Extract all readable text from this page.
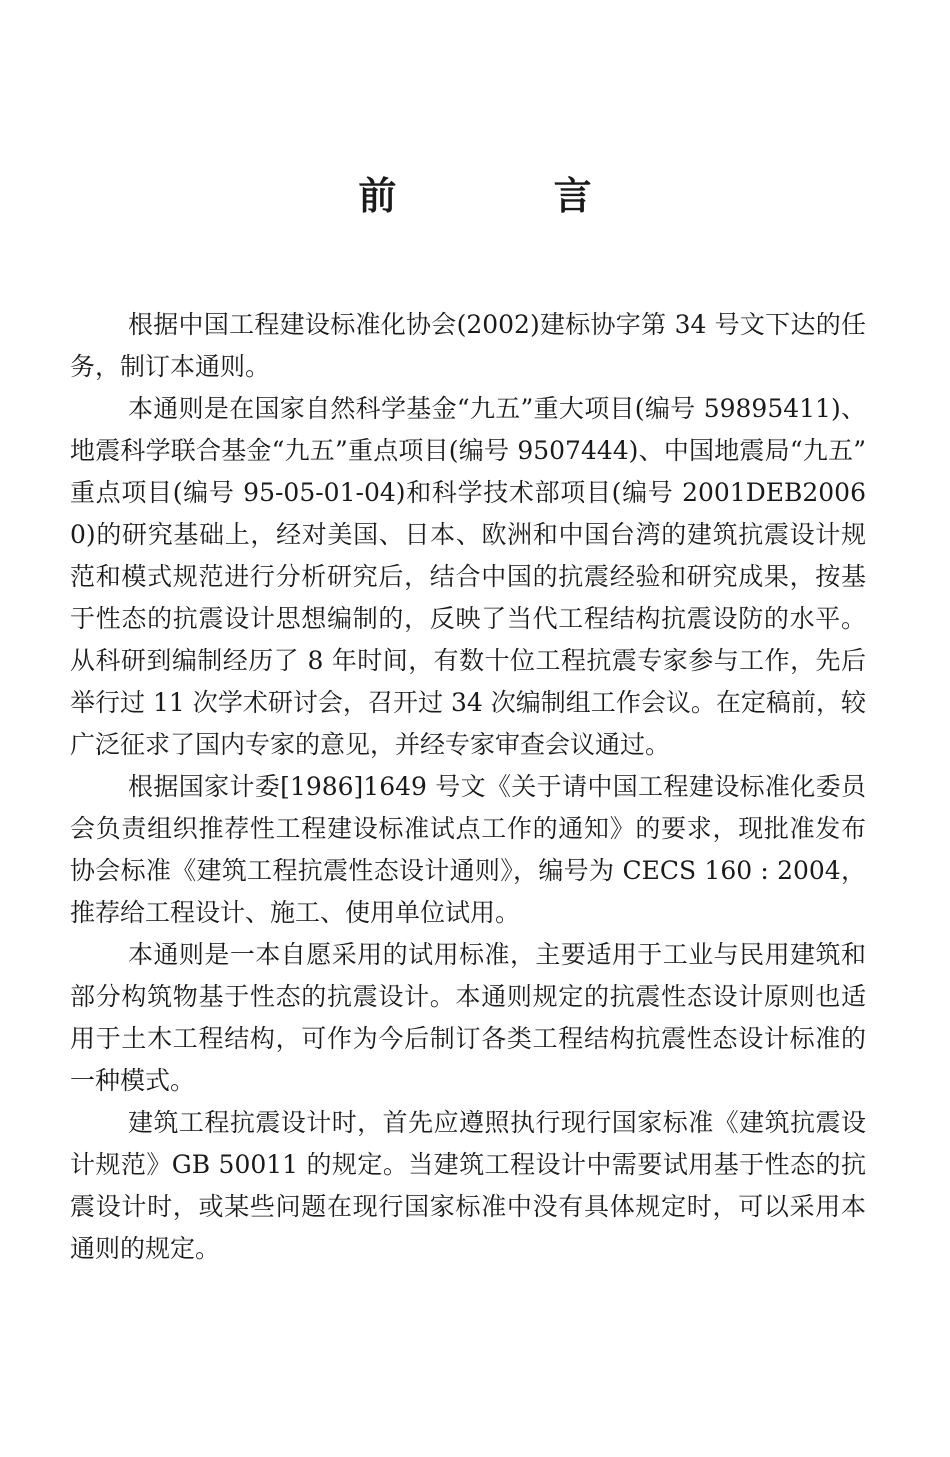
前 言

根据中国工程建设标准化协会(2002)建标协字第 34 号文下达的任务，制订本通则。

本通则是在国家自然科学基金“九五”重大项目(编号 59895411)、地震科学联合基金“九五”重点项目(编号 9507444)、中国地震局“九五”重点项目(编号 95-05-01-04)和科学技术部项目(编号 2001DEB20060)的研究基础上，经对美国、日本、欧洲和中国台湾的建筑抗震设计规范和模式规范进行分析研究后，结合中国的抗震经验和研究成果，按基于性态的抗震设计思想编制的，反映了当代工程结构抗震设防的水平。从科研到编制经历了 8 年时间，有数十位工程抗震专家参与工作，先后举行过 11 次学术研讨会，召开过 34 次编制组工作会议。在定稿前，较广泛征求了国内专家的意见，并经专家审查会议通过。

根据国家计委[1986]1649 号文《关于请中国工程建设标准化委员会负责组织推荐性工程建设标准试点工作的通知》的要求，现批准发布协会标准《建筑工程抗震性态设计通则》，编号为 CECS 160 : 2004，推荐给工程设计、施工、使用单位试用。

本通则是一本自愿采用的试用标准，主要适用于工业与民用建筑和部分构筑物基于性态的抗震设计。本通则规定的抗震性态设计原则也适用于土木工程结构，可作为今后制订各类工程结构抗震性态设计标准的一种模式。

建筑工程抗震设计时，首先应遵照执行现行国家标准《建筑抗震设计规范》GB 50011 的规定。当建筑工程设计中需要试用基于性态的抗震设计时，或某些问题在现行国家标准中没有具体规定时，可以采用本通则的规定。
